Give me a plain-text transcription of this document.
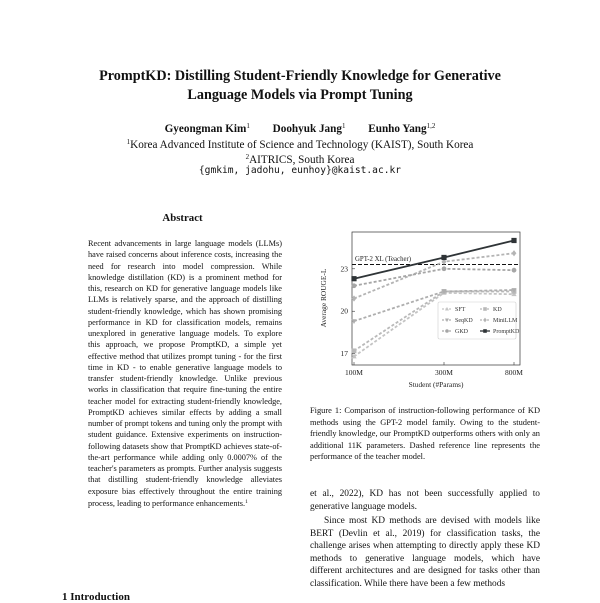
PromptKD: Distilling Student-Friendly Knowledge for Generative
Language Models via Prompt Tuning
Gyeongman Kim$^1$ Doohyuk Jang$^1$ Eunho Yang$^{1,2}$
$^1$Korea Advanced Institute of Science and Technology (KAIST), South Korea
$^2$AITRICS, South Korea
{gmkim, jadohu, eunhoy}@kaist.ac.kr
Abstract
Recent advancements in large language models (LLMs) have raised concerns about inference costs, increasing the need for research into model compression. While knowledge distillation (KD) is a prominent method for this, research on KD for generative language models like LLMs is relatively sparse, and the approach of distilling student-friendly knowledge, which has shown promising performance in KD for classification models, remains unexplored in generative language models. To explore this approach, we propose PromptKD, a simple yet effective method that utilizes prompt tuning - for the first time in KD - to enable generative language models to transfer student-friendly knowledge. Unlike previous works in classification that require fine-tuning the entire teacher model for extracting student-friendly knowledge, PromptKD achieves similar effects by adding a small number of prompt tokens and tuning only the prompt with student guidance. Extensive experiments on instruction-following datasets show that PromptKD achieves state-of-the-art performance while adding only 0.0007% of the teacher's parameters as prompts. Further analysis suggests that distilling student-friendly knowledge alleviates exposure bias effectively throughout the entire training process, leading to performance enhancements.$^1$
1 Introduction
Average ROUGE-L
Student (#Params)
17
20
23
100M	300M	800M
GPT-2 XL (Teacher)
SFT	KD
SeqKD	MiniLLM
GKD	PromptKD
Figure 1: Comparison of instruction-following performance of KD methods using the GPT-2 model family. Owing to the student-friendly knowledge, our PromptKD outperforms others with only an additional 11K parameters. Dashed reference line represents the performance of the teacher model.
et al., 2022), KD has not been successfully applied to generative language models.
Since most KD methods are devised with models like BERT (Devlin et al., 2019) for classification tasks, the challenge arises when attempting to directly apply these KD methods to generative language models, which have different architectures and are designed for tasks other than classification. While there have been a few methods
